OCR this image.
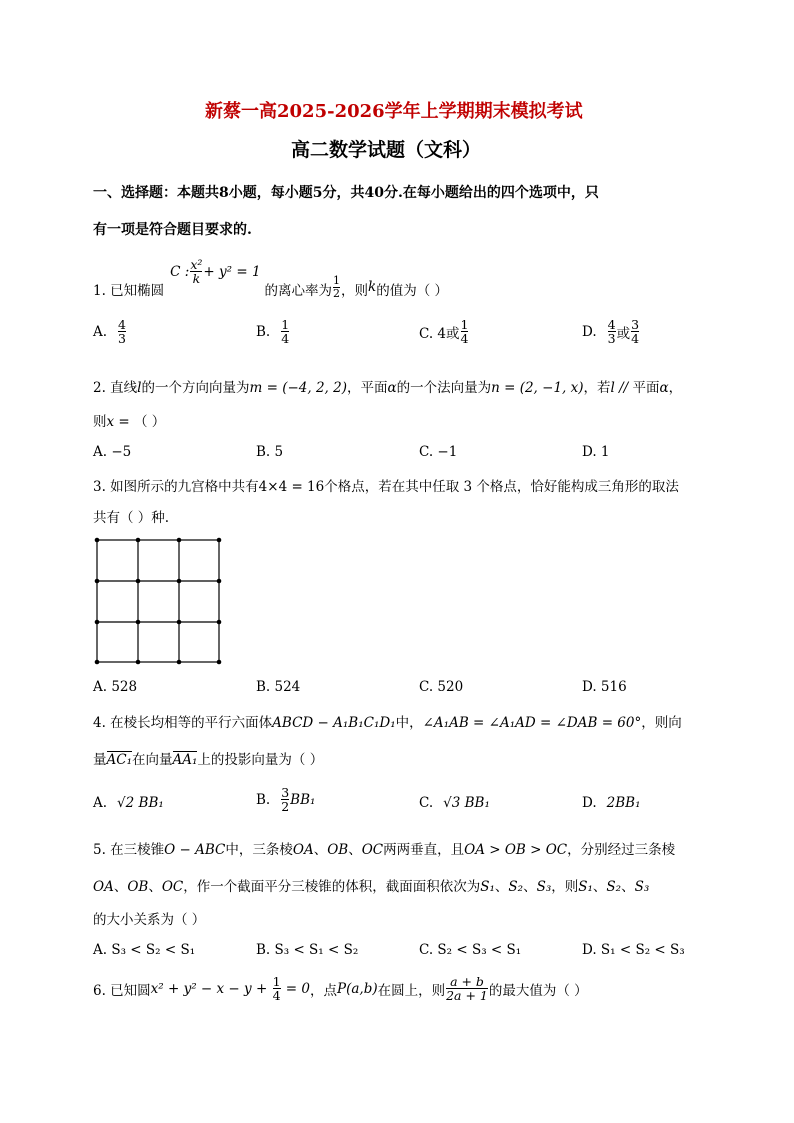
新蔡一高2025-2026学年上学期期末模拟考试
高二数学试题（文科）
一、选择题：本题共8小题，每小题5分，共40分.在每小题给出的四个选项中，只
有一项是符合题目要求的.
1. 已知椭圆
C : $\frac{\text{x²}}{k} + y^2 = 1$
的离心率为 $\frac{1}{2}$ ，则 k 的值为（ ）
A. $\frac{4}{3}$	B. $\frac{1}{4}$	C. 4或 $\frac{1}{4}$	D. $\frac{4}{3}$ 或 $\frac{3}{4}$
2. 直线l的一个方向向量为m = (−4, 2, 2)，平面α的一个法向量为n = (2, −1, x)，若l // 平面α，
则x = （ ）
A. −5	B. 5	C. −1	D. 1
3. 如图所示的九宫格中共有4×4 = 16个格点，若在其中任取 3 个格点，恰好能构成三角形的取法
共有（ ）种.
A. 528	B. 524	C. 520	D. 516
4. 在棱长均相等的平行六面体ABCD − A₁B₁C₁D₁中，∠A₁AB = ∠A₁AD = ∠DAB = 60°，则向
量AC₁在向量AA₁上的投影向量为（ ）
A. √2 BB₁	B. $\frac{3}{2} BB_1$	C. √3 BB₁	D. 2BB₁
5. 在三棱锥O − ABC中，三条棱OA、OB、OC两两垂直，且OA > OB > OC，分别经过三条棱
OA、OB、OC，作一个截面平分三棱锥的体积，截面面积依次为S₁、S₂、S₃，则S₁、S₂、S₃
的大小关系为（ ）
A. S₃ < S₂ < S₁	B. S₃ < S₁ < S₂	C. S₂ < S₃ < S₁	D. S₁ < S₂ < S₃
6. 已知圆 $x^2 + y^2 - x - y + \frac{1}{4} = 0$ ，点 P(a,b) 在圆上，则 $\frac{a + b}{2a + 1}$ 的最大值为（ ）
